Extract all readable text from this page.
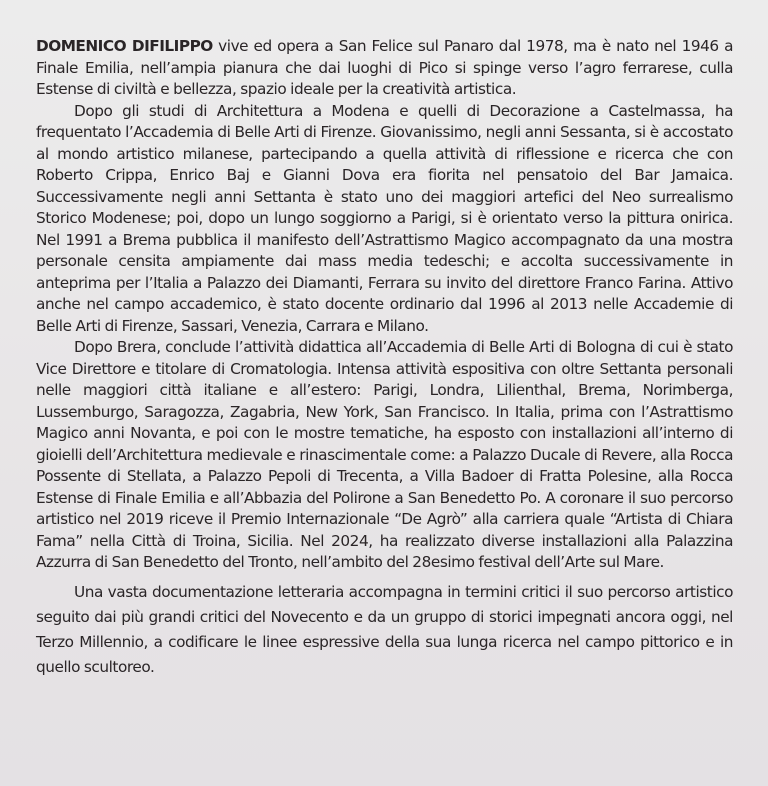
DOMENICO DIFILIPPO vive ed opera a San Felice sul Panaro dal 1978, ma è nato nel 1946 a Finale Emilia, nell’ampia pianura che dai luoghi di Pico si spinge verso l’agro ferrarese, culla Estense di civiltà e bellezza, spazio ideale per la creatività artistica.

Dopo gli studi di Architettura a Modena e quelli di Decorazione a Castelmassa, ha frequentato l’Accademia di Belle Arti di Firenze. Giovanissimo, negli anni Sessanta, si è accostato al mondo artistico milanese, partecipando a quella attività di riflessione e ricerca che con Roberto Crippa, Enrico Baj e Gianni Dova era fiorita nel pensatoio del Bar Jamaica. Successivamente negli anni Settanta è stato uno dei maggiori artefici del Neo surrealismo Storico Modenese; poi, dopo un lungo soggiorno a Parigi, si è orientato verso la pittura onirica. Nel 1991 a Brema pubblica il manifesto dell’Astrattismo Magico accompagnato da una mostra personale censita ampiamente dai mass media tedeschi; e accolta successivamente in anteprima per l’Italia a Palazzo dei Diamanti, Ferrara su invito del direttore Franco Farina. Attivo anche nel campo accademico, è stato docente ordinario dal 1996 al 2013 nelle Accademie di Belle Arti di Firenze, Sassari, Venezia, Carrara e Milano.

Dopo Brera, conclude l’attività didattica all’Accademia di Belle Arti di Bologna di cui è stato Vice Direttore e titolare di Cromatologia. Intensa attività espositiva con oltre Settanta personali nelle maggiori città italiane e all’estero: Parigi, Londra, Lilienthal, Brema, Norimberga, Lussemburgo, Saragozza, Zagabria, New York, San Francisco. In Italia, prima con l’Astrattismo Magico anni Novanta, e poi con le mostre tematiche, ha esposto con installazioni all’interno di gioielli dell’Architettura medievale e rinascimentale come: a Palazzo Ducale di Revere, alla Rocca Possente di Stellata, a Palazzo Pepoli di Trecenta, a Villa Badoer di Fratta Polesine, alla Rocca Estense di Finale Emilia e all’Abbazia del Polirone a San Benedetto Po. A coronare il suo percorso artistico nel 2019 riceve il Premio Internazionale “De Agrò” alla carriera quale “Artista di Chiara Fama” nella Città di Troina, Sicilia. Nel 2024, ha realizzato diverse installazioni alla Palazzina Azzurra di San Benedetto del Tronto, nell’ambito del 28esimo festival dell’Arte sul Mare.

Una vasta documentazione letteraria accompagna in termini critici il suo percorso artistico seguito dai più grandi critici del Novecento e da un gruppo di storici impegnati ancora oggi, nel Terzo Millennio, a codificare le linee espressive della sua lunga ricerca nel campo pittorico e in quello scultoreo.
